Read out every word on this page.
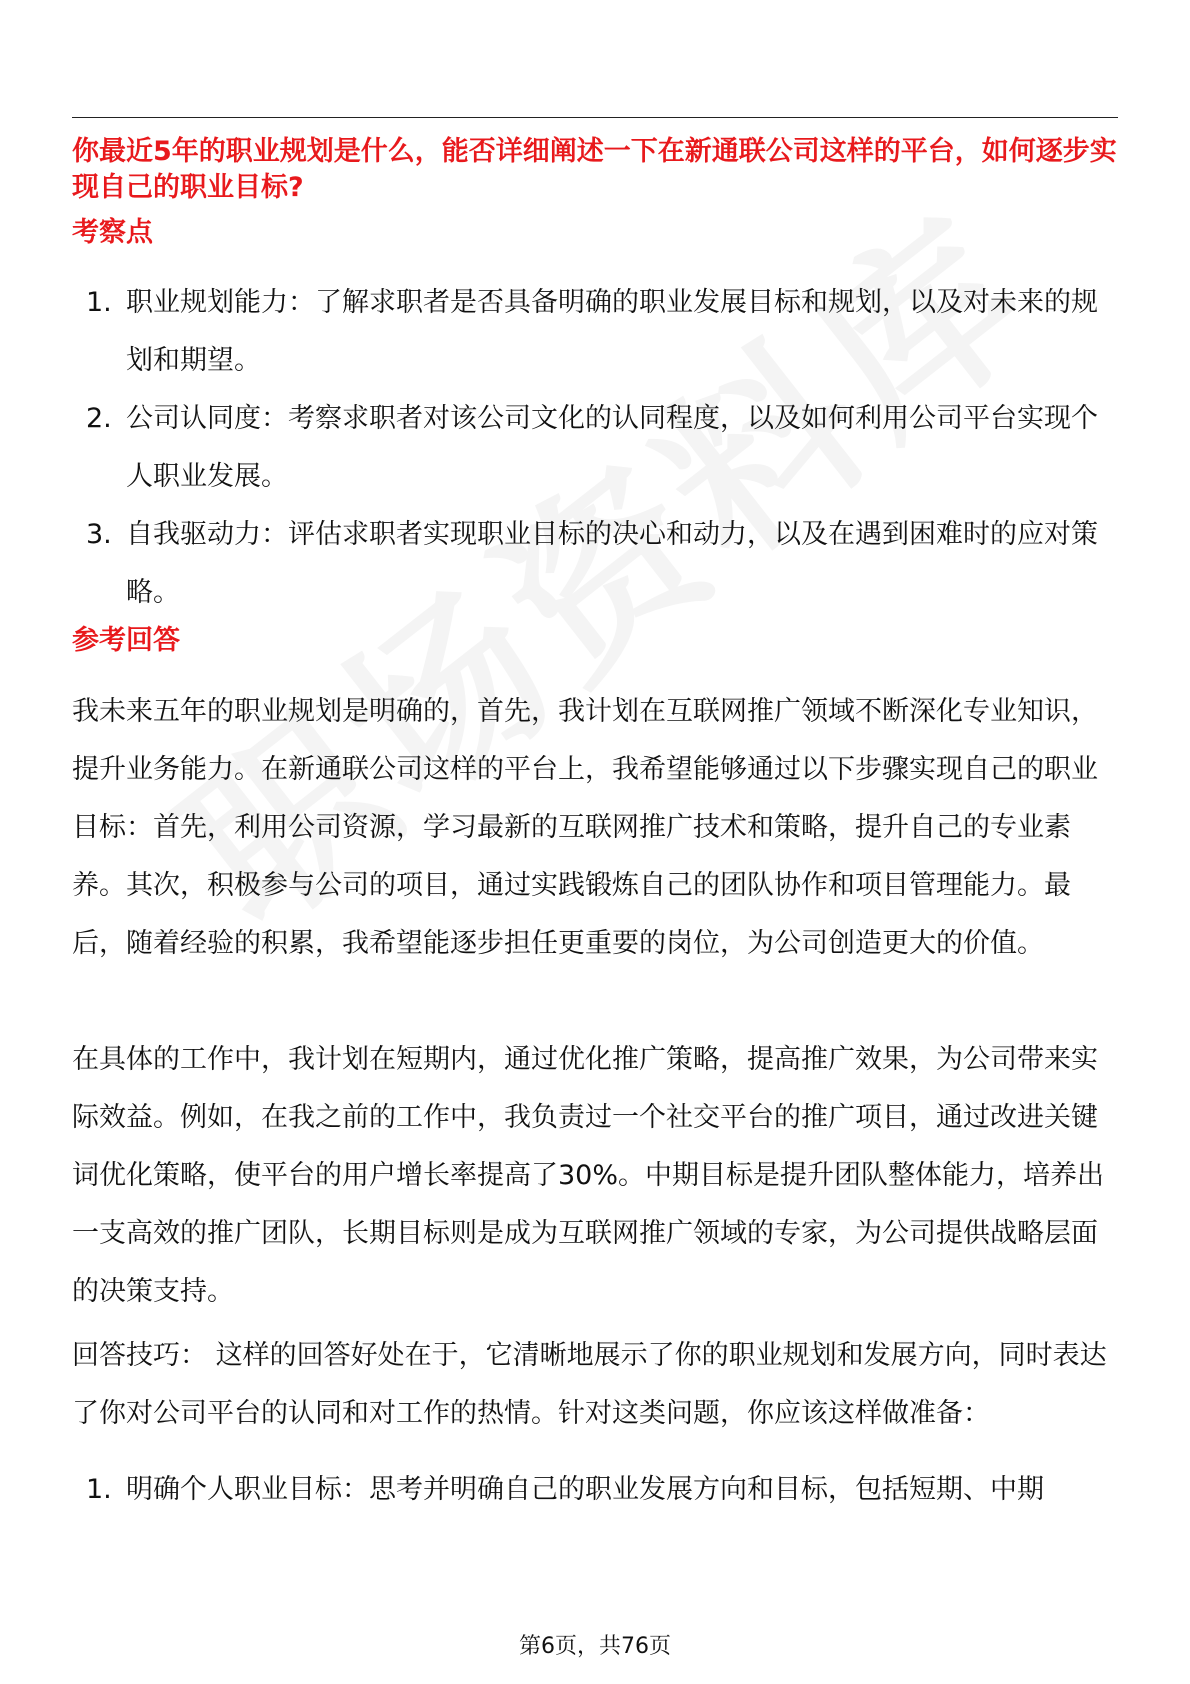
你最近5年的职业规划是什么，能否详细阐述一下在新通联公司这样的平台，如何逐步实现自己的职业目标?
考察点
1. 职业规划能力：了解求职者是否具备明确的职业发展目标和规划，以及对未来的规划和期望。
2. 公司认同度：考察求职者对该公司文化的认同程度，以及如何利用公司平台实现个人职业发展。
3. 自我驱动力：评估求职者实现职业目标的决心和动力，以及在遇到困难时的应对策略。
参考回答

我未来五年的职业规划是明确的，首先，我计划在互联网推广领域不断深化专业知识，提升业务能力。在新通联公司这样的平台上，我希望能够通过以下步骤实现自己的职业目标：首先，利用公司资源，学习最新的互联网推广技术和策略，提升自己的专业素养。其次，积极参与公司的项目，通过实践锻炼自己的团队协作和项目管理能力。最后，随着经验的积累，我希望能逐步担任更重要的岗位，为公司创造更大的价值。

在具体的工作中，我计划在短期内，通过优化推广策略，提高推广效果，为公司带来实际效益。例如，在我之前的工作中，我负责过一个社交平台的推广项目，通过改进关键词优化策略，使平台的用户增长率提高了30%。中期目标是提升团队整体能力，培养出一支高效的推广团队，长期目标则是成为互联网推广领域的专家，为公司提供战略层面的决策支持。

回答技巧： 这样的回答好处在于，它清晰地展示了你的职业规划和发展方向，同时表达了你对公司平台的认同和对工作的热情。针对这类问题，你应该这样做准备：

1. 明确个人职业目标：思考并明确自己的职业发展方向和目标，包括短期、中期
第6页，共76页
